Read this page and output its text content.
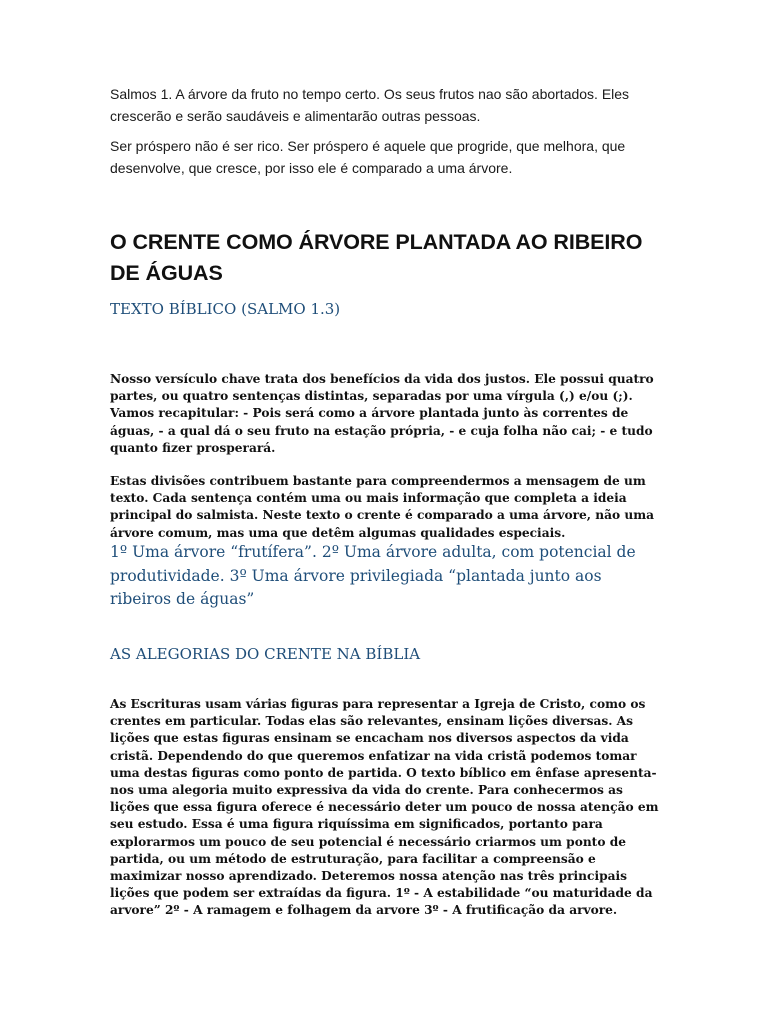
Salmos 1. A árvore da fruto no tempo certo. Os seus frutos nao são abortados. Eles crescerão e serão saudáveis e alimentarão outras pessoas.

Ser próspero não é ser rico. Ser próspero é aquele que progride, que melhora, que desenvolve, que cresce, por isso ele é comparado a uma árvore.

O CRENTE COMO ÁRVORE PLANTADA AO RIBEIRO DE ÁGUAS
TEXTO BÍBLICO (SALMO 1.3)

Nosso versículo chave trata dos benefícios da vida dos justos. Ele possui quatro partes, ou quatro sentenças distintas, separadas por uma vírgula (,) e/ou (;). Vamos recapitular: - Pois será como a árvore plantada junto às correntes de águas, - a qual dá o seu fruto na estação própria, - e cuja folha não cai; - e tudo quanto fizer prosperará.

Estas divisões contribuem bastante para compreendermos a mensagem de um texto. Cada sentença contém uma ou mais informação que completa a ideia principal do salmista. Neste texto o crente é comparado a uma árvore, não uma árvore comum, mas uma que detêm algumas qualidades especiais.

1º Uma árvore “frutífera”. 2º Uma árvore adulta, com potencial de produtividade. 3º Uma árvore privilegiada “plantada junto aos ribeiros de águas”

AS ALEGORIAS DO CRENTE NA BÍBLIA

As Escrituras usam várias figuras para representar a Igreja de Cristo, como os crentes em particular. Todas elas são relevantes, ensinam lições diversas. As lições que estas figuras ensinam se encacham nos diversos aspectos da vida cristã. Dependendo do que queremos enfatizar na vida cristã podemos tomar uma destas figuras como ponto de partida. O texto bíblico em ênfase apresenta-nos uma alegoria muito expressiva da vida do crente. Para conhecermos as lições que essa figura oferece é necessário deter um pouco de nossa atenção em seu estudo. Essa é uma figura riquíssima em significados, portanto para explorarmos um pouco de seu potencial é necessário criarmos um ponto de partida, ou um método de estruturação, para facilitar a compreensão e maximizar nosso aprendizado. Deteremos nossa atenção nas três principais lições que podem ser extraídas da figura. 1º - A estabilidade “ou maturidade da arvore” 2º - A ramagem e folhagem da arvore 3º - A frutificação da arvore.
